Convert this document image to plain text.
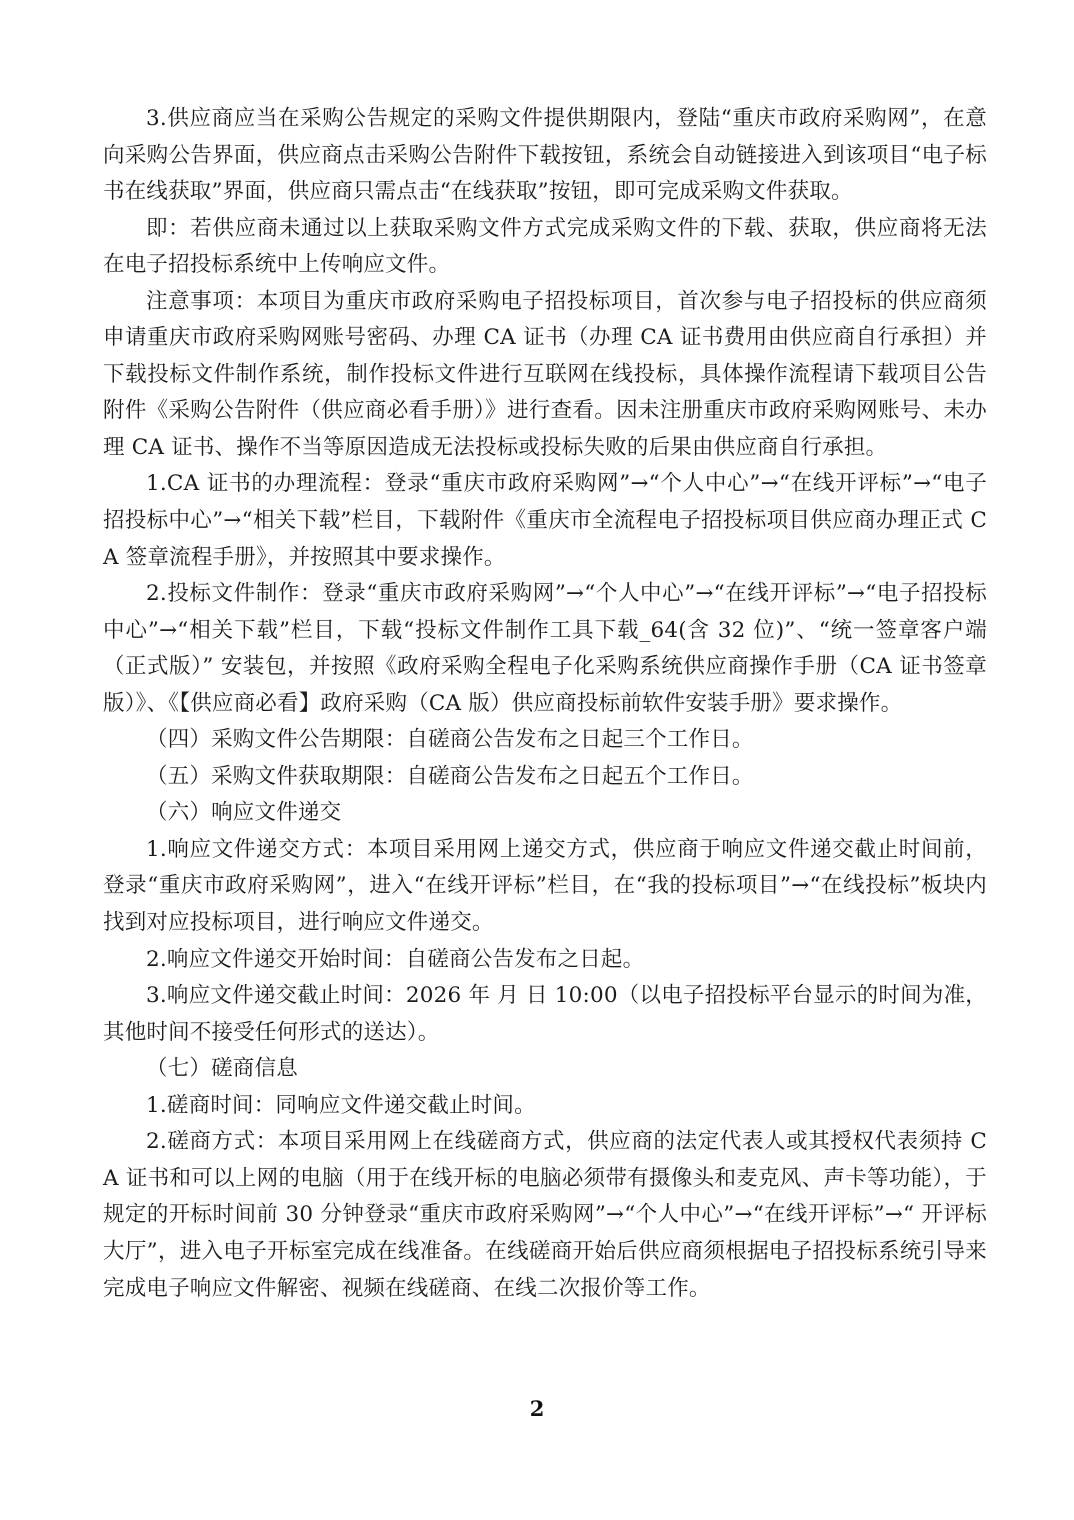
3.供应商应当在采购公告规定的采购文件提供期限内，登陆“重庆市政府采购网”，在意向采购公告界面，供应商点击采购公告附件下载按钮，系统会自动链接进入到该项目“电子标书在线获取”界面，供应商只需点击“在线获取”按钮，即可完成采购文件获取。

即：若供应商未通过以上获取采购文件方式完成采购文件的下载、获取，供应商将无法在电子招投标系统中上传响应文件。

注意事项：本项目为重庆市政府采购电子招投标项目，首次参与电子招投标的供应商须申请重庆市政府采购网账号密码、办理 CA 证书（办理 CA 证书费用由供应商自行承担）并下载投标文件制作系统，制作投标文件进行互联网在线投标，具体操作流程请下载项目公告附件《采购公告附件（供应商必看手册）》进行查看。因未注册重庆市政府采购网账号、未办理 CA 证书、操作不当等原因造成无法投标或投标失败的后果由供应商自行承担。

1.CA 证书的办理流程：登录“重庆市政府采购网”→“个人中心”→“在线开评标”→“电子招投标中心”→“相关下载”栏目，下载附件《重庆市全流程电子招投标项目供应商办理正式 CA 签章流程手册》，并按照其中要求操作。

2.投标文件制作：登录“重庆市政府采购网”→“个人中心”→“在线开评标”→“电子招投标中心”→“相关下载”栏目，下载“投标文件制作工具下载_64(含 32 位)”、“统一签章客户端（正式版）” 安装包，并按照《政府采购全程电子化采购系统供应商操作手册（CA 证书签章版）》、《【供应商必看】政府采购（CA 版）供应商投标前软件安装手册》要求操作。

（四）采购文件公告期限：自磋商公告发布之日起三个工作日。

（五）采购文件获取期限：自磋商公告发布之日起五个工作日。

（六）响应文件递交

1.响应文件递交方式：本项目采用网上递交方式，供应商于响应文件递交截止时间前，登录“重庆市政府采购网”，进入“在线开评标”栏目，在“我的投标项目”→“在线投标”板块内找到对应投标项目，进行响应文件递交。

2.响应文件递交开始时间：自磋商公告发布之日起。

3.响应文件递交截止时间：2026 年 月 日 10:00（以电子招投标平台显示的时间为准，其他时间不接受任何形式的送达）。

（七）磋商信息

1.磋商时间：同响应文件递交截止时间。

2.磋商方式：本项目采用网上在线磋商方式，供应商的法定代表人或其授权代表须持 CA 证书和可以上网的电脑（用于在线开标的电脑必须带有摄像头和麦克风、声卡等功能），于规定的开标时间前 30 分钟登录“重庆市政府采购网”→“个人中心”→“在线开评标”→“ 开评标大厅”，进入电子开标室完成在线准备。在线磋商开始后供应商须根据电子招投标系统引导来完成电子响应文件解密、视频在线磋商、在线二次报价等工作。

2
